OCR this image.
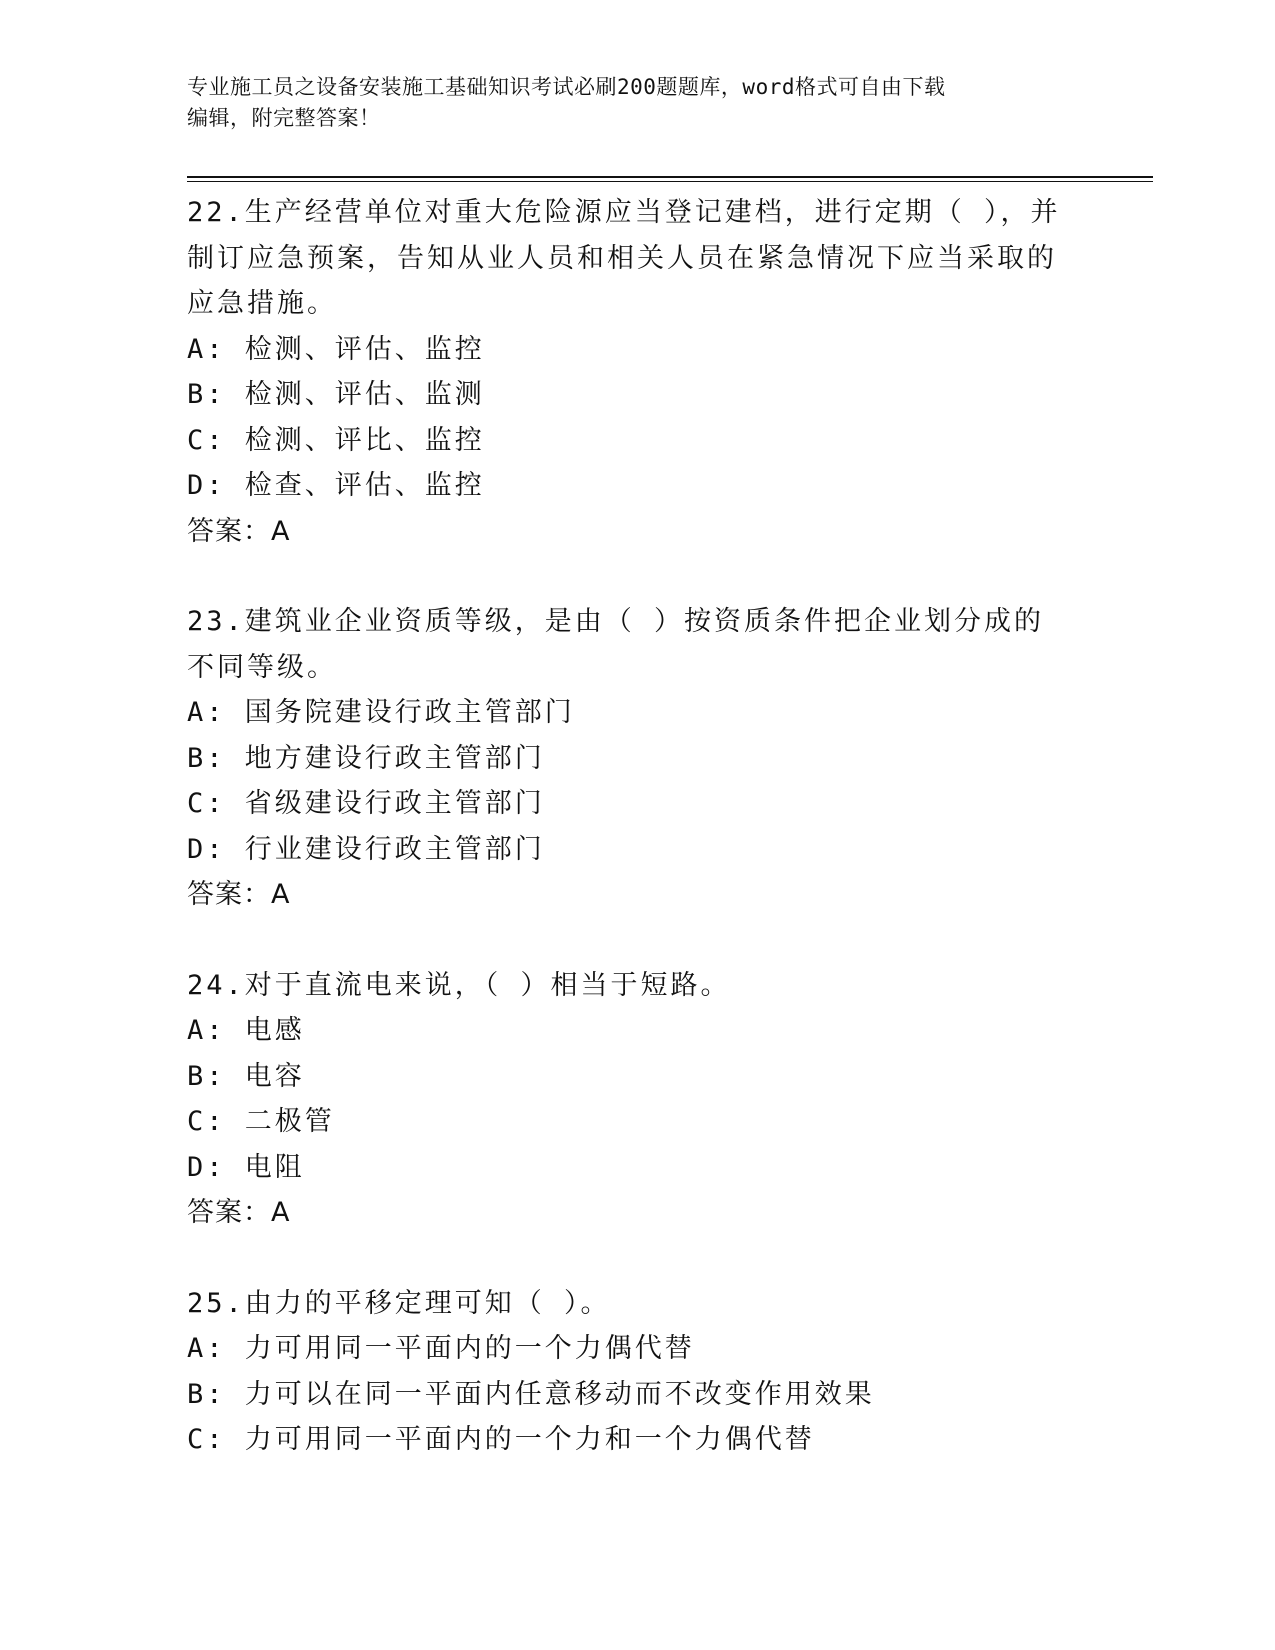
专业施工员之设备安装施工基础知识考试必刷200题题库，word格式可自由下载
编辑，附完整答案！
22.生产经营单位对重大危险源应当登记建档，进行定期（ ），并制订应急预案，告知从业人员和相关人员在紧急情况下应当采取的应急措施。
A: 检测、评估、监控
B: 检测、评估、监测
C: 检测、评比、监控
D: 检查、评估、监控
答案：A
23.建筑业企业资质等级，是由（ ）按资质条件把企业划分成的不同等级。
A: 国务院建设行政主管部门
B: 地方建设行政主管部门
C: 省级建设行政主管部门
D: 行业建设行政主管部门
答案：A
24.对于直流电来说，（ ）相当于短路。
A: 电感
B: 电容
C: 二极管
D: 电阻
答案：A
25.由力的平移定理可知（ ）。
A: 力可用同一平面内的一个力偶代替
B: 力可以在同一平面内任意移动而不改变作用效果
C: 力可用同一平面内的一个力和一个力偶代替
